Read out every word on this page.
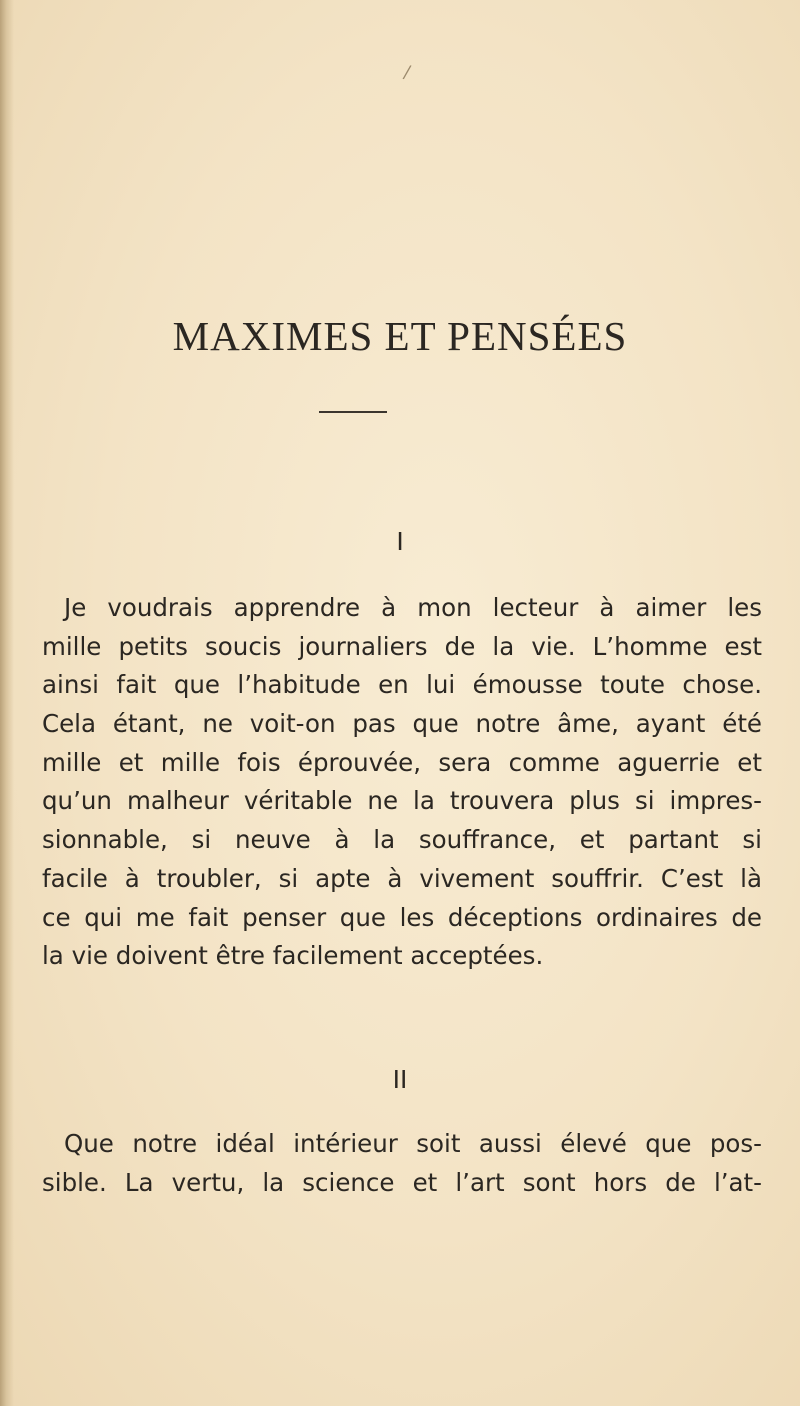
/
MAXIMES ET PENSÉES
I
Je voudrais apprendre à mon lecteur à aimer les
mille petits soucis journaliers de la vie. L’homme est
ainsi fait que l’habitude en lui émousse toute chose.
Cela étant, ne voit-on pas que notre âme, ayant été
mille et mille fois éprouvée, sera comme aguerrie et
qu’un malheur véritable ne la trouvera plus si impres-
sionnable, si neuve à la souffrance, et partant si
facile à troubler, si apte à vivement souffrir. C’est là
ce qui me fait penser que les déceptions ordinaires de
la vie doivent être facilement acceptées.
II
Que notre idéal intérieur soit aussi élevé que pos-
sible. La vertu, la science et l’art sont hors de l’at-
